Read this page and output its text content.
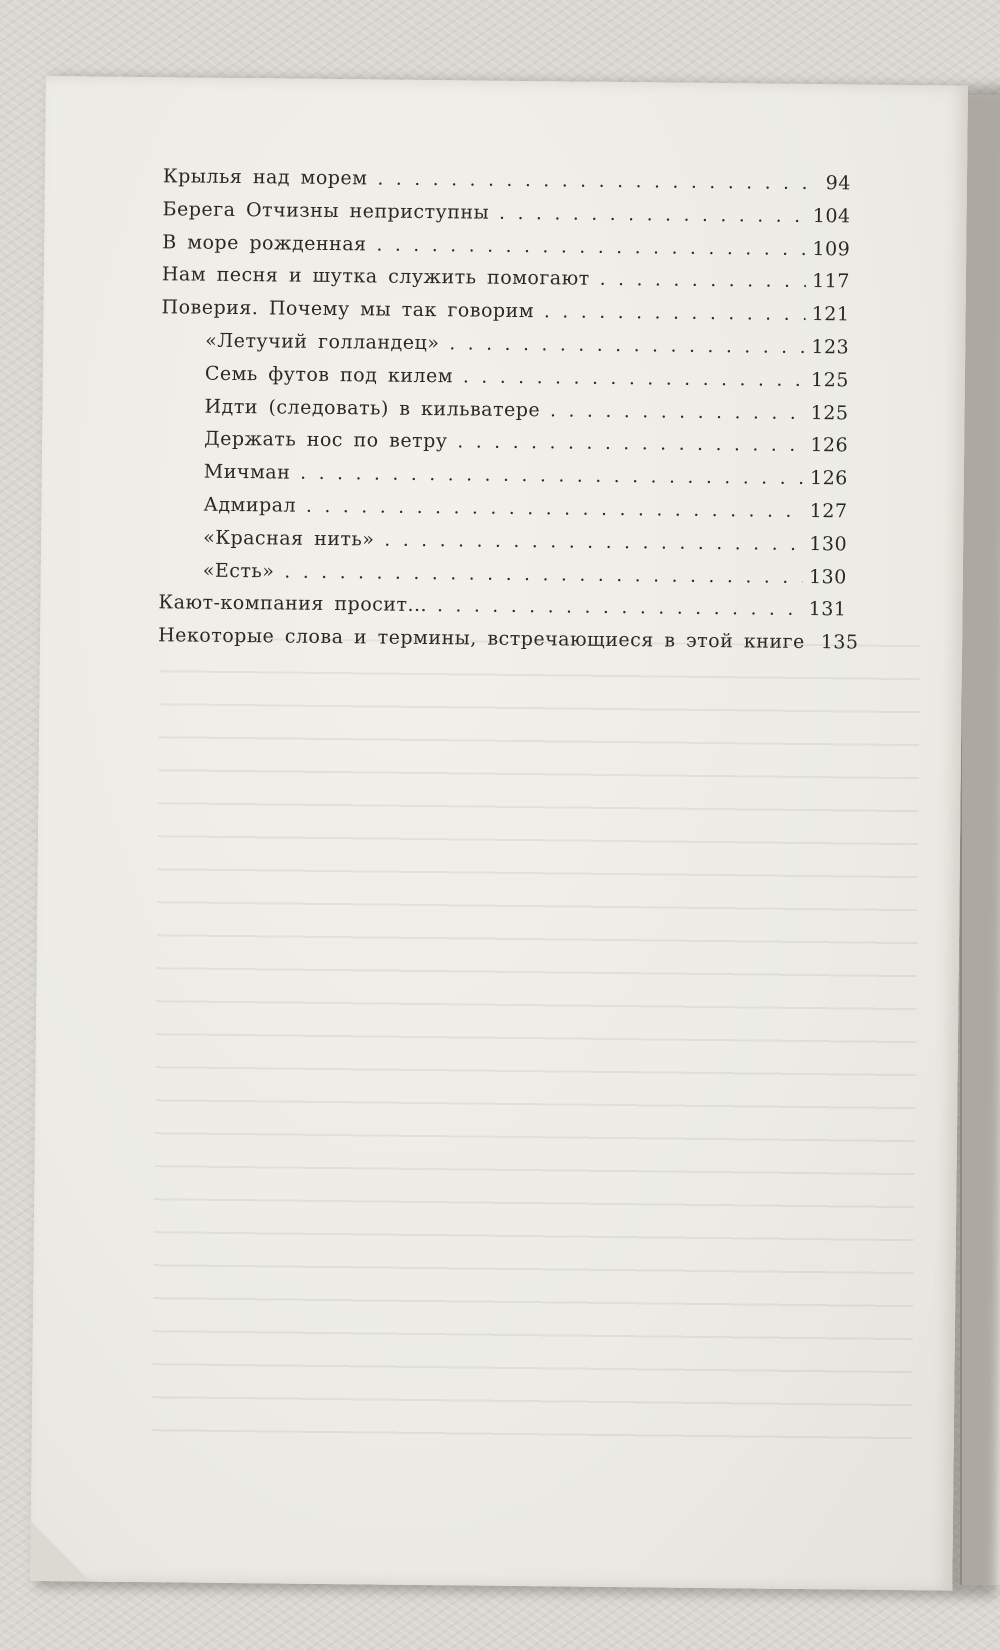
Крылья над морем . . .	94
Берега Отчизны неприступны . . .	104
В море рожденная . . .	109
Нам песня и шутка служить помогают . . .	117
Поверия. Почему мы так говорим . . .	121
«Летучий голландец» . . .	123
Семь футов под килем . . .	125
Идти (следовать) в кильватере . . .	125
Держать нос по ветру . . .	126
Мичман . . .	126
Адмирал . . .	127
«Красная нить» . . .	130
«Есть» . . .	130
Кают-компания просит... . . .	131
Некоторые слова и термины, встречающиеся в этой книге . . . 135
